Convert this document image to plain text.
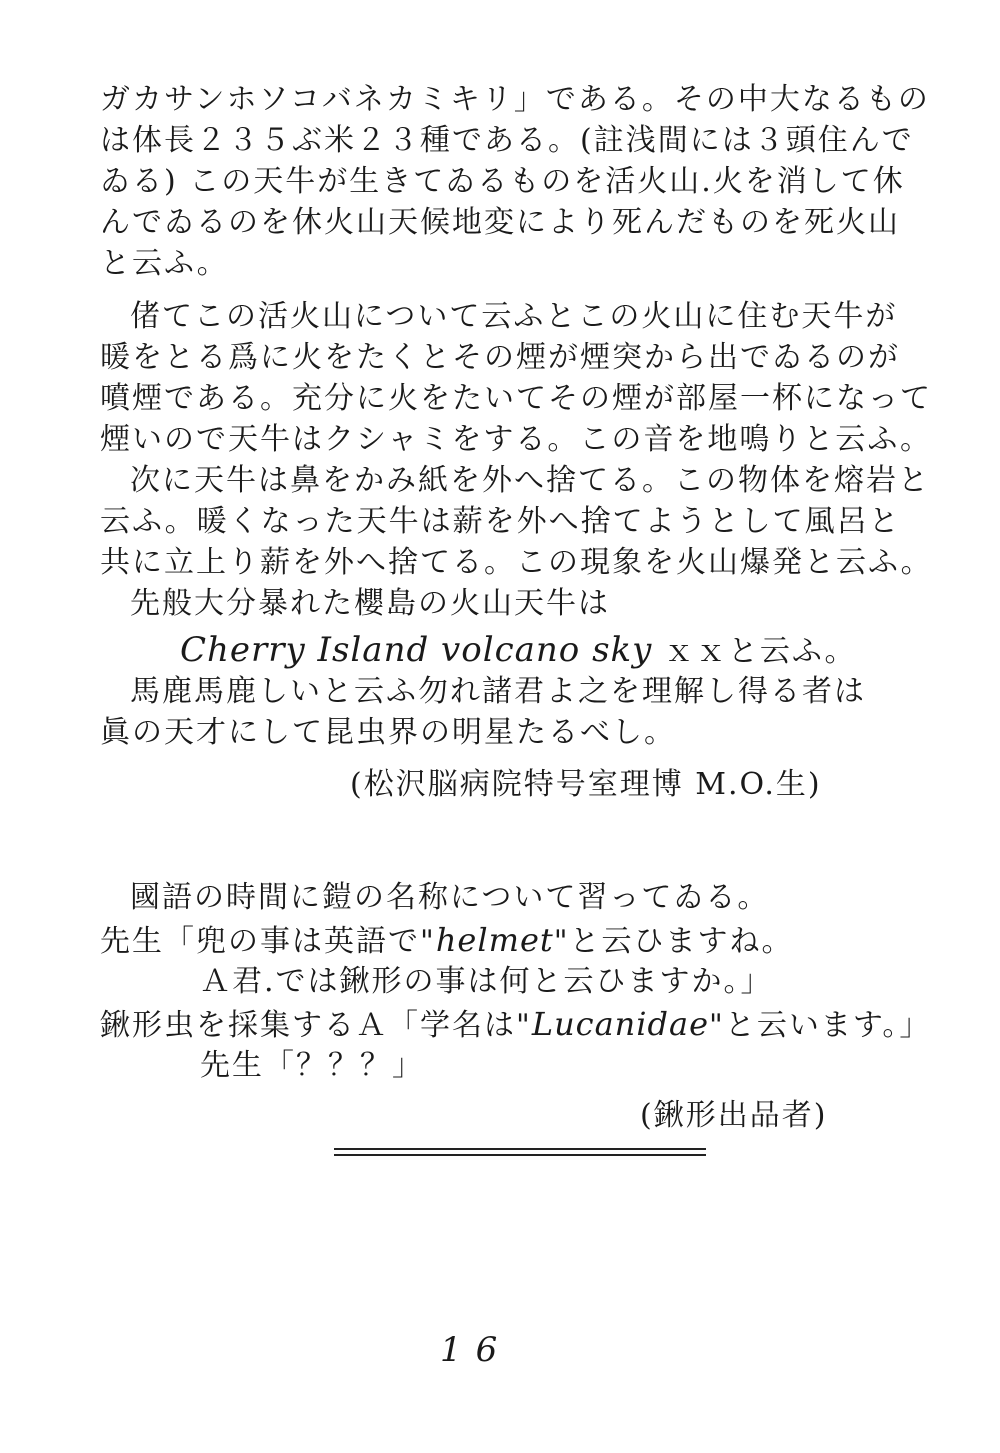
ガカサンホソコバネカミキリ」である。その中大なるもの
は体長２３５ぶ米２３種である。(註浅間には３頭住んで
ゐる) この天牛が生きてゐるものを活火山.火を消して休
んでゐるのを休火山天候地変により死んだものを死火山
と云ふ。
偖てこの活火山について云ふとこの火山に住む天牛が
暖をとる爲に火をたくとその煙が煙突から出でゐるのが
噴煙である。充分に火をたいてその煙が部屋一杯になって
煙いので天牛はクシャミをする。この音を地鳴りと云ふ。
次に天牛は鼻をかみ紙を外へ捨てる。この物体を熔岩と
云ふ。暖くなった天牛は薪を外へ捨てようとして風呂と
共に立上り薪を外へ捨てる。この現象を火山爆発と云ふ。
先般大分暴れた櫻島の火山天牛は
Cherry Island volcano sky ｘｘと云ふ。
馬鹿馬鹿しいと云ふ勿れ諸君よ之を理解し得る者は
眞の天才にして昆虫界の明星たるべし。
(松沢脳病院特号室理博 M.O.生)
國語の時間に鎧の名称について習ってゐる。
先生「兜の事は英語で"helmet"と云ひますね。
Ａ君.では鍬形の事は何と云ひますか。」
鍬形虫を採集するＡ「学名は"Lucanidae"と云います。」
先生「？？？」
(鍬形出品者)
16
